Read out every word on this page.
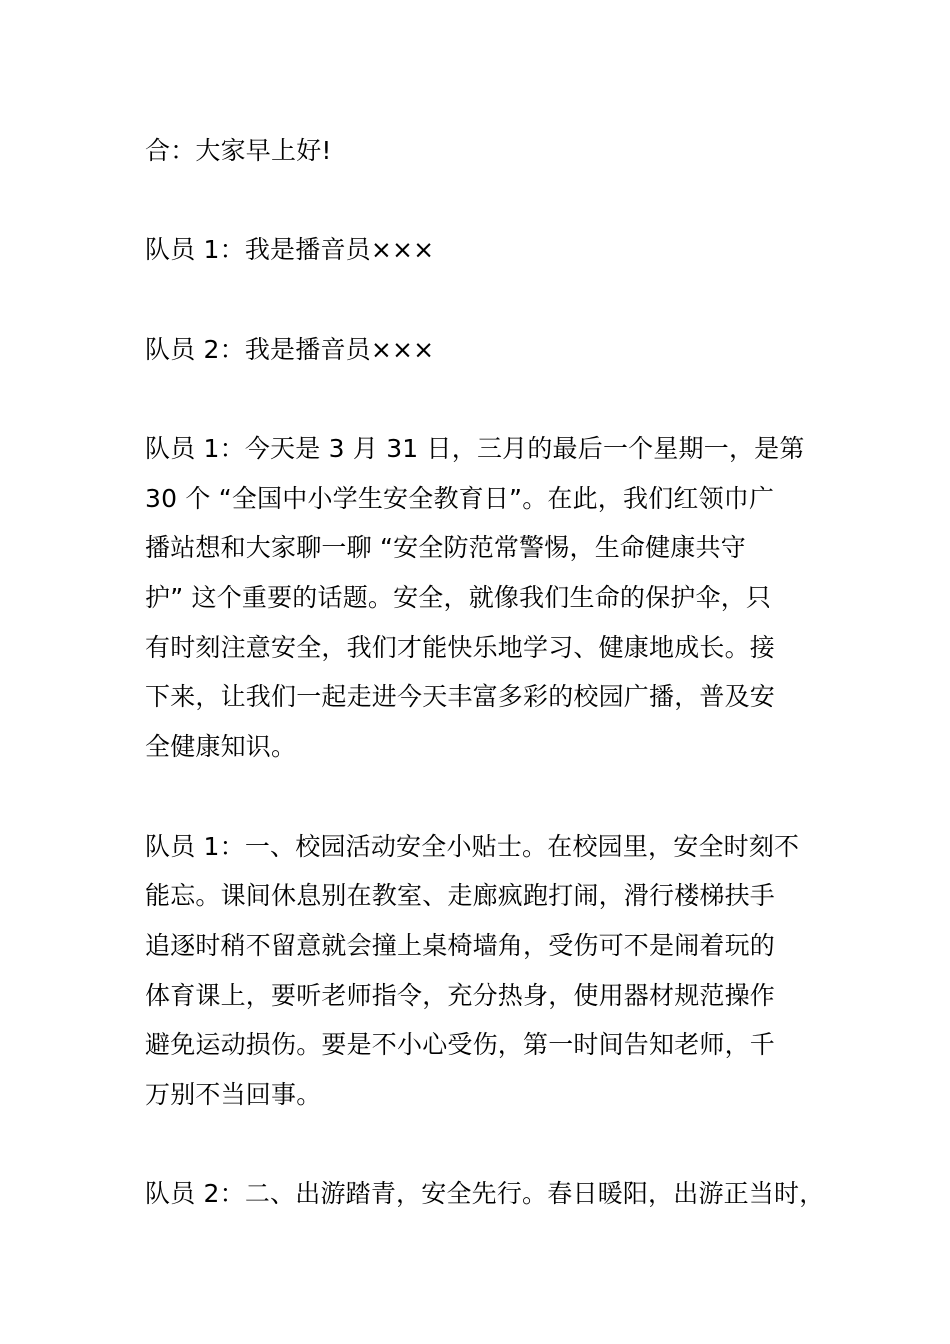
合：大家早上好!
队员 1：我是播音员×××
队员 2：我是播音员×××
队员 1：今天是 3 月 31 日，三月的最后一个星期一，是第
30 个 “全国中小学生安全教育日”。在此，我们红领巾广
播站想和大家聊一聊 “安全防范常警惕，生命健康共守
护” 这个重要的话题。安全，就像我们生命的保护伞，只
有时刻注意安全，我们才能快乐地学习、健康地成长。接
下来，让我们一起走进今天丰富多彩的校园广播，普及安
全健康知识。
队员 1：一、校园活动安全小贴士。在校园里，安全时刻不
能忘。课间休息别在教室、走廊疯跑打闹，滑行楼梯扶手
追逐时稍不留意就会撞上桌椅墙角，受伤可不是闹着玩的
体育课上，要听老师指令，充分热身，使用器材规范操作
避免运动损伤。要是不小心受伤，第一时间告知老师，千
万别不当回事。
队员 2：二、出游踏青，安全先行。春日暖阳，出游正当时，
